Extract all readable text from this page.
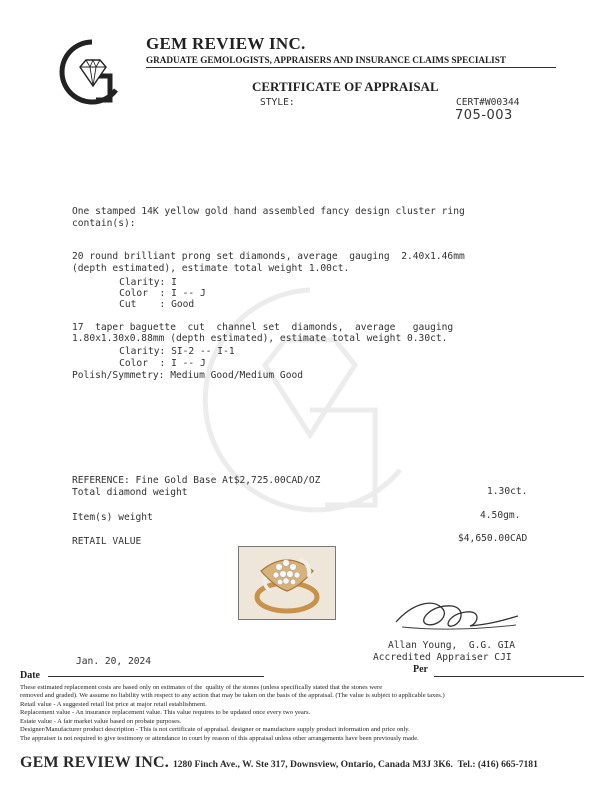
GEM REVIEW INC.
GRADUATE GEMOLOGISTS, APPRAISERS AND INSURANCE CLAIMS SPECIALIST
CERTIFICATE OF APPRAISAL
STYLE:	CERT#W00344
705-003
One stamped 14K yellow gold hand assembled fancy design cluster ring
contain(s):
20 round brilliant prong set diamonds, average  gauging  2.40x1.46mm
(depth estimated), estimate total weight 1.00ct.
Clarity: I
Color  : I -- J
Cut    : Good
17  taper baguette  cut  channel set  diamonds,  average   gauging
1.80x1.30x0.88mm (depth estimated), estimate total weight 0.30ct.
Clarity: SI-2 -- I-1
Color  : I -- J
Polish/Symmetry: Medium Good/Medium Good
REFERENCE: Fine Gold Base At$2,725.00CAD/OZ
Total diamond weight	1.30ct.
Item(s) weight	4.50gm.
RETAIL VALUE	$4,650.00CAD
Allan Young,  G.G. GIA
Accredited Appraiser CJI
Jan. 20, 2024
Date
Per
These estimated replacement costs are based only on estimates of the  quality of the stones (unless specifically stated that the stones were
removed and graded). We assume no liability with respect to any action that may be taken on the basis of the appraisal. (The value is subject to applicable taxes.)
Retail value - A suggested retail list price at major retail establishment.
Replacement value - An insurance replacement value. This value requires to be updated once every two years.
Estate value - A fair market value based on probate purposes.
Designer/Manufacturer product description - This is not certificate of appraisal. designer or manufacture supply product information and price only.
The appraiser is not required to give testimony or attendance in court by reason of this appraisal unless other arrangements have been previously made.
GEM REVIEW INC. 1280 Finch Ave., W. Ste 317, Downsview, Ontario, Canada M3J 3K6.  Tel.: (416) 665-7181
